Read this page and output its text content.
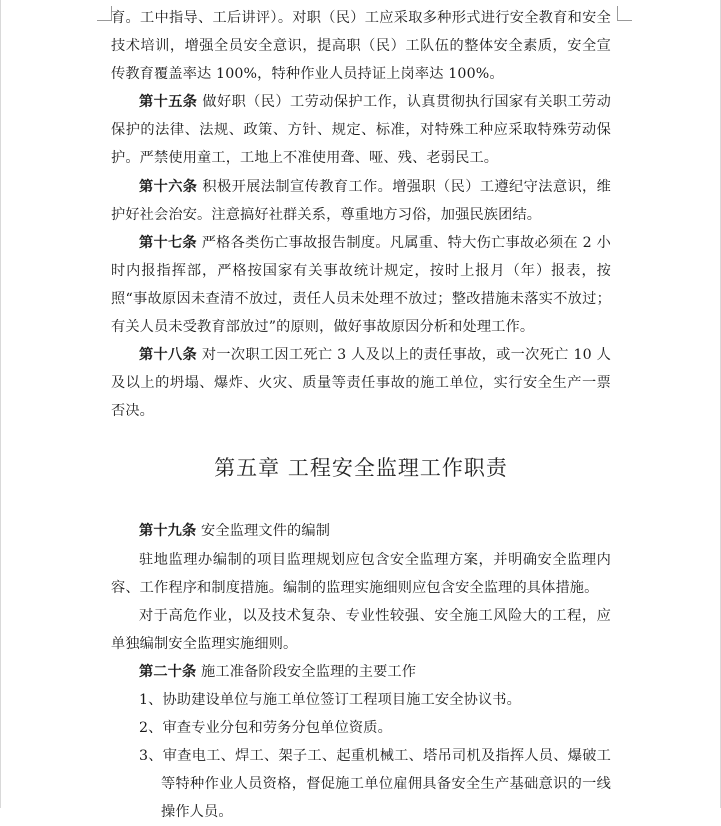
育。工中指导、工后讲评）。对职（民）工应采取多种形式进行安全教育和安全技术培训，增强全员安全意识，提高职（民）工队伍的整体安全素质，安全宣传教育覆盖率达 100%，特种作业人员持证上岗率达 100%。

第十五条 做好职（民）工劳动保护工作，认真贯彻执行国家有关职工劳动保护的法律、法规、政策、方针、规定、标准，对特殊工种应采取特殊劳动保护。严禁使用童工，工地上不准使用聋、哑、残、老弱民工。

第十六条 积极开展法制宣传教育工作。增强职（民）工遵纪守法意识，维护好社会治安。注意搞好社群关系，尊重地方习俗，加强民族团结。

第十七条 严格各类伤亡事故报告制度。凡属重、特大伤亡事故必须在 2 小时内报指挥部，严格按国家有关事故统计规定，按时上报月（年）报表，按照“事故原因未查清不放过，责任人员未处理不放过；整改措施未落实不放过；有关人员未受教育部放过”的原则，做好事故原因分析和处理工作。

第十八条 对一次职工因工死亡 3 人及以上的责任事故，或一次死亡 10 人及以上的坍塌、爆炸、火灾、质量等责任事故的施工单位，实行安全生产一票否决。

第五章 工程安全监理工作职责

第十九条 安全监理文件的编制

驻地监理办编制的项目监理规划应包含安全监理方案，并明确安全监理内容、工作程序和制度措施。编制的监理实施细则应包含安全监理的具体措施。

对于高危作业，以及技术复杂、专业性较强、安全施工风险大的工程，应单独编制安全监理实施细则。

第二十条 施工准备阶段安全监理的主要工作

1、协助建设单位与施工单位签订工程项目施工安全协议书。

2、审查专业分包和劳务分包单位资质。

3、审查电工、焊工、架子工、起重机械工、塔吊司机及指挥人员、爆破工等特种作业人员资格，督促施工单位雇佣具备安全生产基础意识的一线操作人员。
